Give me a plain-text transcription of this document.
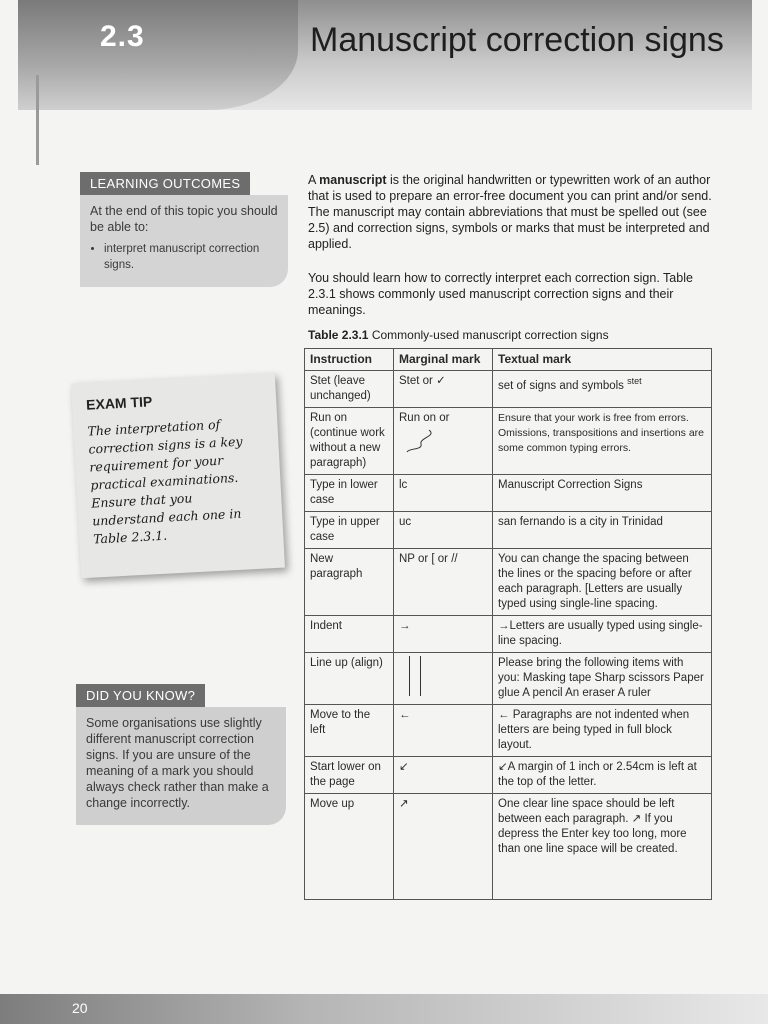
2.3	Manuscript correction signs
LEARNING OUTCOMES
At the end of this topic you should be able to:
• interpret manuscript correction signs.
EXAM TIP
The interpretation of correction signs is a key requirement for your practical examinations. Ensure that you understand each one in Table 2.3.1.
DID YOU KNOW?
Some organisations use slightly different manuscript correction signs. If you are unsure of the meaning of a mark you should always check rather than make a change incorrectly.
A manuscript is the original handwritten or typewritten work of an author that is used to prepare an error-free document you can print and/or send. The manuscript may contain abbreviations that must be spelled out (see 2.5) and correction signs, symbols or marks that must be interpreted and applied.
You should learn how to correctly interpret each correction sign. Table 2.3.1 shows commonly used manuscript correction signs and their meanings.
Table 2.3.1 Commonly-used manuscript correction signs
Instruction	Marginal mark	Textual mark
Stet (leave unchanged)	Stet or ✓	set of signs and symbols $^{stet}$
Run on (continue work without a new paragraph)	Run on or	Ensure that your work is free from errors. Omissions, transpositions and insertions are some common typing errors.
Type in lower case	lc	Manuscript Correction Signs
Type in upper case	uc	san fernando is a city in Trinidad
New paragraph	NP or [ or //	You can change the spacing between the lines or the spacing before or after each paragraph. [Letters are usually typed using single-line spacing.
Indent	→	→Letters are usually typed using single-line spacing.
Line up (align)		Please bring the following items with you: Masking tape Sharp scissors Paper glue A pencil An eraser A ruler
Move to the left	←	← Paragraphs are not indented when letters are being typed in full block layout.
Start lower on the page	↙	↙A margin of 1 inch or 2.54cm is left at the top of the letter.
Move up	↗	One clear line space should be left between each paragraph. ↗ If you depress the Enter key too long, more than one line space will be created.
20
